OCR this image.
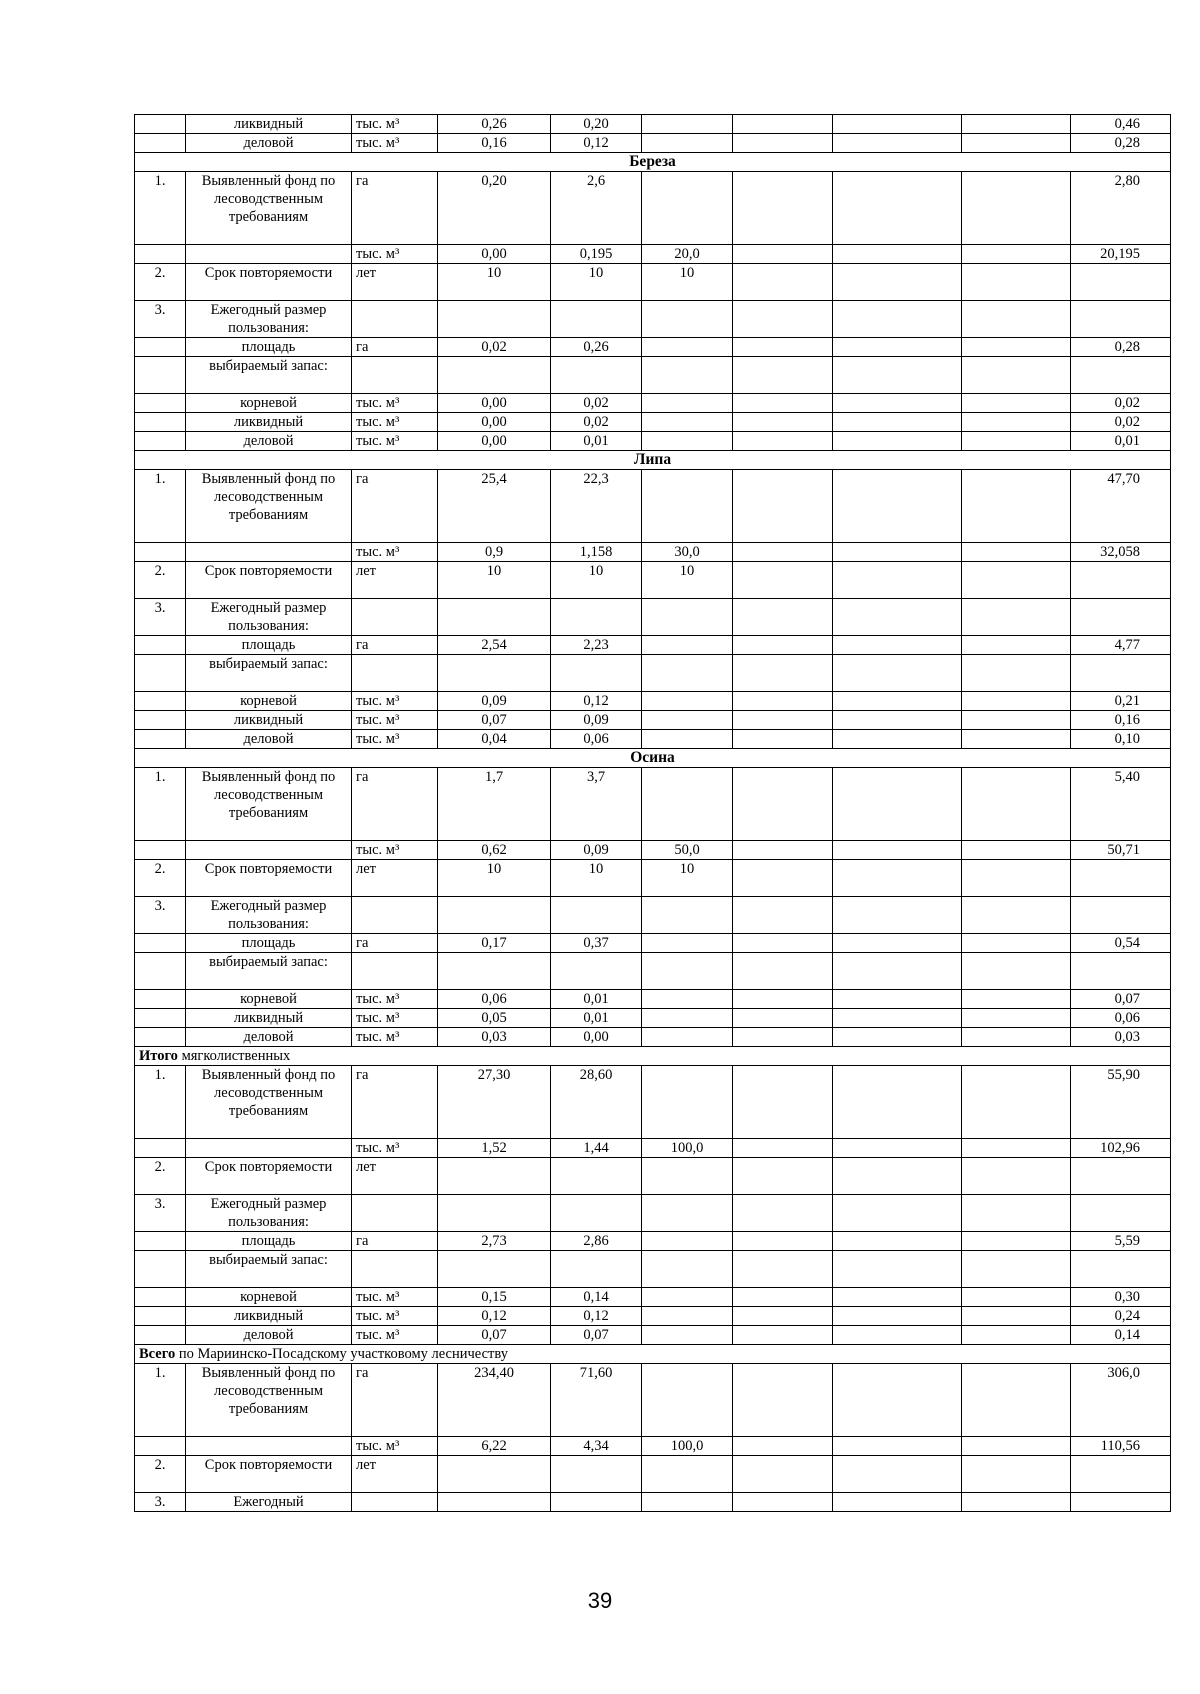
	ликвидный	тыс. м³	0,26	0,20					0,46
	деловой	тыс. м³	0,16	0,12					0,28
Береза									
1.	Выявленный фонд по лесоводственным требованиям	га	0,20	2,6					2,80
		тыс. м³	0,00	0,195	20,0				20,195
2.	Срок повторяемости	лет	10	10	10				
3.	Ежегодный размер пользования:								
	площадь	га	0,02	0,26					0,28
	выбираемый запас:								
	корневой	тыс. м³	0,00	0,02					0,02
	ликвидный	тыс. м³	0,00	0,02					0,02
	деловой	тыс. м³	0,00	0,01					0,01
Липа									
1.	Выявленный фонд по лесоводственным требованиям	га	25,4	22,3					47,70
		тыс. м³	0,9	1,158	30,0				32,058
2.	Срок повторяемости	лет	10	10	10				
3.	Ежегодный размер пользования:								
	площадь	га	2,54	2,23					4,77
	выбираемый запас:								
	корневой	тыс. м³	0,09	0,12					0,21
	ликвидный	тыс. м³	0,07	0,09					0,16
	деловой	тыс. м³	0,04	0,06					0,10
Осина									
1.	Выявленный фонд по лесоводственным требованиям	га	1,7	3,7					5,40
		тыс. м³	0,62	0,09	50,0				50,71
2.	Срок повторяемости	лет	10	10	10				
3.	Ежегодный размер пользования:								
	площадь	га	0,17	0,37					0,54
	выбираемый запас:								
	корневой	тыс. м³	0,06	0,01					0,07
	ликвидный	тыс. м³	0,05	0,01					0,06
	деловой	тыс. м³	0,03	0,00					0,03
Итого мягколиственных									
1.	Выявленный фонд по лесоводственным требованиям	га	27,30	28,60					55,90
		тыс. м³	1,52	1,44	100,0				102,96
2.	Срок повторяемости	лет							
3.	Ежегодный размер пользования:								
	площадь	га	2,73	2,86					5,59
	выбираемый запас:								
	корневой	тыс. м³	0,15	0,14					0,30
	ликвидный	тыс. м³	0,12	0,12					0,24
	деловой	тыс. м³	0,07	0,07					0,14
Всего по Мариинско-Посадскому участковому лесничеству									
1.	Выявленный фонд по лесоводственным требованиям	га	234,40	71,60					306,0
		тыс. м³	6,22	4,34	100,0				110,56
2.	Срок повторяемости	лет							
3.	Ежегодный								
39
